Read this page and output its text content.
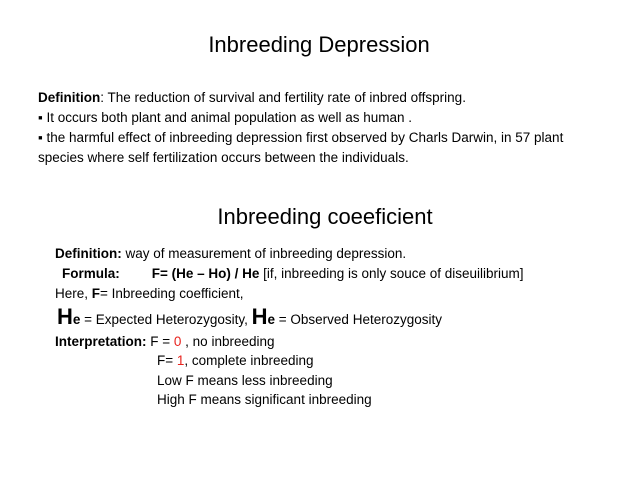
Inbreeding Depression
Definition: The reduction of survival and fertility rate of inbred offspring.
▪ It occurs both plant and animal population as well as human .
▪ the harmful effect of inbreeding depression first observed by Charls Darwin, in 57 plant
species where self fertilization occurs between the individuals.
Inbreeding coeeficient
Definition: way of measurement of inbreeding depression.
Formula: F= (He – Ho) / He [if, inbreeding is only souce of diseuilibrium]
Here, F= Inbreeding coefficient,
He = Expected Heterozygosity, He = Observed Heterozygosity
Interpretation: F = 0 , no inbreeding
F= 1, complete inbreeding
Low F means less inbreeding
High F means significant inbreeding
